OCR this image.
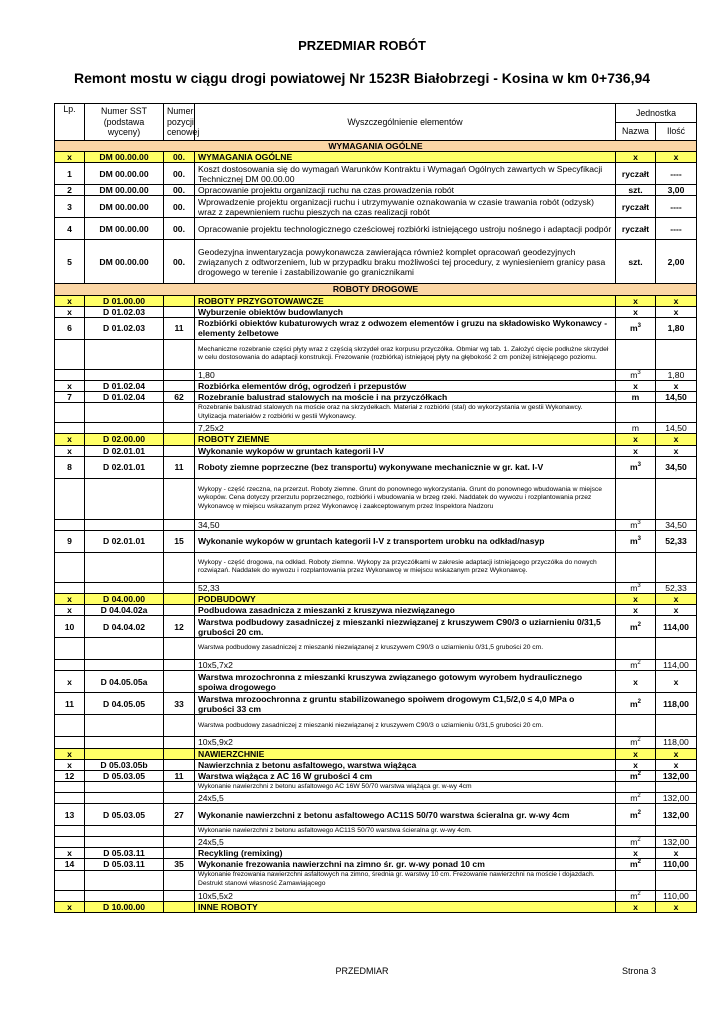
PRZEDMIAR ROBÓT
Remont mostu w ciągu drogi powiatowej Nr 1523R Białobrzegi - Kosina w km 0+736,94
Lp.	Numer SST (podstawa wyceny)	Numer pozycji cenowej	Wyszczególnienie elementów	Jednostka	
				Nazwa	Ilość
WYMAGANIA OGÓLNE					
x	DM 00.00.00	00.	WYMAGANIA OGÓLNE	x	x
1	DM 00.00.00	00.	Koszt dostosowania się do wymagań Warunków Kontraktu i Wymagań Ogólnych zawartych w Specyfikacji Technicznej DM 00.00.00	ryczałt	----
2	DM 00.00.00	00.	Opracowanie projektu organizacji ruchu na czas prowadzenia robót	szt.	3,00
3	DM 00.00.00	00.	Wprowadzenie projektu organizacji ruchu i utrzymywanie oznakowania w czasie trawania robót (odzysk) wraz z zapewnieniem ruchu pieszych na czas realizacji robót	ryczałt	----
4	DM 00.00.00	00.	Opracowanie projektu technologicznego cześciowej rozbiórki istniejącego ustroju nośnego i adaptacji podpór	ryczałt	----
5	DM 00.00.00	00.	Geodezyjna inwentaryzacja powykonawcza zawierająca również komplet opracowań geodezyjnych związanych z odtworzeniem, lub w przypadku braku możliwości tej procedury, z wyniesieniem granicy pasa drogowego w terenie i zastabilizowanie go granicznikami	szt.	2,00
ROBOTY DROGOWE					
x	D 01.00.00		ROBOTY PRZYGOTOWAWCZE	x	x
x	D 01.02.03		Wyburzenie obiektów budowlanych	x	x
6	D 01.02.03	11	Rozbiórki obiektów kubaturowych wraz z odwozem elementów i gruzu na składowisko Wykonawcy - elementy żelbetowe	$m^3$	1,80
			Mechaniczne rozebranie części płyty wraz z częścią skrzydeł oraz korpusu przyczółka. Obmiar wg tab. 1. Założyć cięcie podłużne skrzydeł w celu dostosowania do adaptacji konstrukcji. Frezowanie (rozbiórka) istniejącej płyty na głębokość 2 cm poniżej istniejącego poziomu.		
			1,80	$m^3$	1,80
x	D 01.02.04		Rozbiórka elementów dróg, ogrodzeń i przepustów	x	x
7	D 01.02.04	62	Rozebranie balustrad stalowych na moście i na przyczółkach	m	14,50
			Rozebranie balustrad stalowych na moście oraz na skrzydełkach. Materiał z rozbiórki (stal) do wykorzystania w gestii Wykonawcy. Utylizacja materiałów z rozbiórki w gestii Wykonawcy.		
			7,25x2	m	14,50
x	D 02.00.00		ROBOTY ZIEMNE	x	x
x	D 02.01.01		Wykonanie wykopów w gruntach kategorii I-V	x	x
8	D 02.01.01	11	Roboty ziemne poprzeczne (bez transportu) wykonywane mechanicznie w gr. kat. I-V	$m^3$	34,50
			Wykopy - część rzeczna, na przerzut. Roboty ziemne. Grunt do ponownego wykorzystania. Grunt do ponownego wbudowania w miejsce wykopów. Cena dotyczy przerzutu poprzecznego, rozbiórki i wbudowania w brzeg rzeki. Naddatek do wywozu i rozplantowania przez Wykonawcę w miejscu wskazanym przez Wykonawcę i zaakceptowanym przez Inspektora Nadzoru		
			34,50	$m^3$	34,50
9	D 02.01.01	15	Wykonanie wykopów w gruntach kategorii I-V z transportem urobku na odkład/nasyp	$m^3$	52,33
			Wykopy - część drogowa, na odkład. Roboty ziemne. Wykopy za przyczółkami w zakresie adaptacji istniejącego przyczółka do nowych rozwiązań. Naddatek do wywozu i rozplantowania przez Wykonawcę w miejscu wskazanym przez Wykonawcę.		
			52,33	$m^3$	52,33
x	D 04.00.00		PODBUDOWY	x	x
x	D 04.04.02a		Podbudowa zasadnicza z mieszanki z kruszywa niezwiązanego	x	x
10	D 04.04.02	12	Warstwa podbudowy zasadniczej z mieszanki niezwiązanej z kruszywem C90/3 o uziarnieniu 0/31,5 grubości 20 cm.	$m^2$	114,00
			Warstwa podbudowy zasadniczej z mieszanki niezwiązanej z kruszywem C90/3 o uziarnieniu 0/31,5 grubości 20 cm.		
			10x5,7x2	$m^2$	114,00
x	D 04.05.05a		Warstwa mrozochronna z mieszanki kruszywa związanego gotowym wyrobem hydraulicznego spoiwa drogowego	x	x
11	D 04.05.05	33	Warstwa mrozoochronna z gruntu stabilizowanego spoiwem drogowym C1,5/2,0 ≤ 4,0 MPa o grubości 33 cm	$m^2$	118,00
			Warstwa podbudowy zasadniczej z mieszanki niezwiązanej z kruszywem C90/3 o uziarnieniu 0/31,5 grubości 20 cm.		
			10x5,9x2	$m^2$	118,00
x			NAWIERZCHNIE	x	x
x	D 05.03.05b		Nawierzchnia z betonu asfaltowego, warstwa wiążąca	x	x
12	D 05.03.05	11	Warstwa wiążąca z AC 16 W grubości 4 cm	$m^2$	132,00
			Wykonanie nawierzchni z betonu asfaltowego AC 16W 50/70 warstwa wiążąca gr. w-wy 4cm		
			24x5,5	$m^2$	132,00
13	D 05.03.05	27	Wykonanie nawierzchni z betonu asfaltowego AC11S 50/70 warstwa ścieralna gr. w-wy 4cm	$m^2$	132,00
			Wykonanie nawierzchni z betonu asfaltowego AC11S 50/70 warstwa ścieralna gr. w-wy 4cm.		
			24x5,5	$m^2$	132,00
x	D 05.03.11		Recykling (remixing)	x	x
14	D 05.03.11	35	Wykonanie frezowania nawierzchni na zimno śr. gr. w-wy ponad 10 cm	$m^2$	110,00
			Wykonanie frezowania nawierzchni asfaltowych na zimno, średnia gr. warstwy 10 cm. Frezowanie nawierzchni na moście i dojazdach. Destrukt stanowi własność Zamawiającego		
			10x5,5x2	$m^2$	110,00
x	D 10.00.00		INNE ROBOTY	x	x
PRZEDMIAR	Strona 3
